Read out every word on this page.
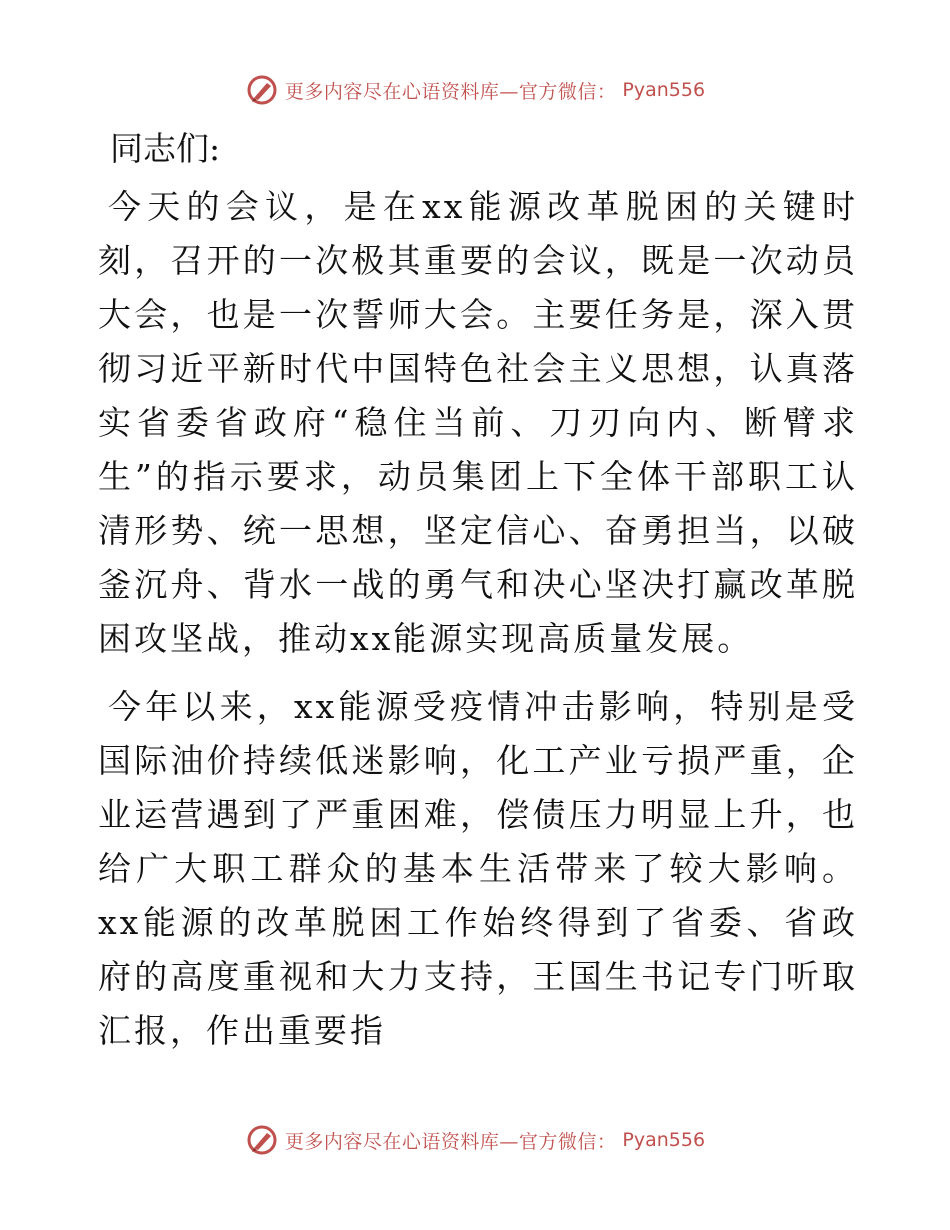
更多内容尽在心语资料库—官方微信： Pyan556
同志们:

今天的会议，是在xx能源改革脱困的关键时刻，召开的一次极其重要的会议，既是一次动员大会，也是一次誓师大会。主要任务是，深入贯彻习近平新时代中国特色社会主义思想，认真落实省委省政府“稳住当前、刀刃向内、断臂求生”的指示要求，动员集团上下全体干部职工认清形势、统一思想，坚定信心、奋勇担当，以破釜沉舟、背水一战的勇气和决心坚决打赢改革脱困攻坚战，推动xx能源实现高质量发展。

今年以来，xx能源受疫情冲击影响，特别是受国际油价持续低迷影响，化工产业亏损严重，企业运营遇到了严重困难，偿债压力明显上升，也给广大职工群众的基本生活带来了较大影响。xx能源的改革脱困工作始终得到了省委、省政府的高度重视和大力支持，王国生书记专门听取汇报，作出重要指

更多内容尽在心语资料库—官方微信： Pyan556
